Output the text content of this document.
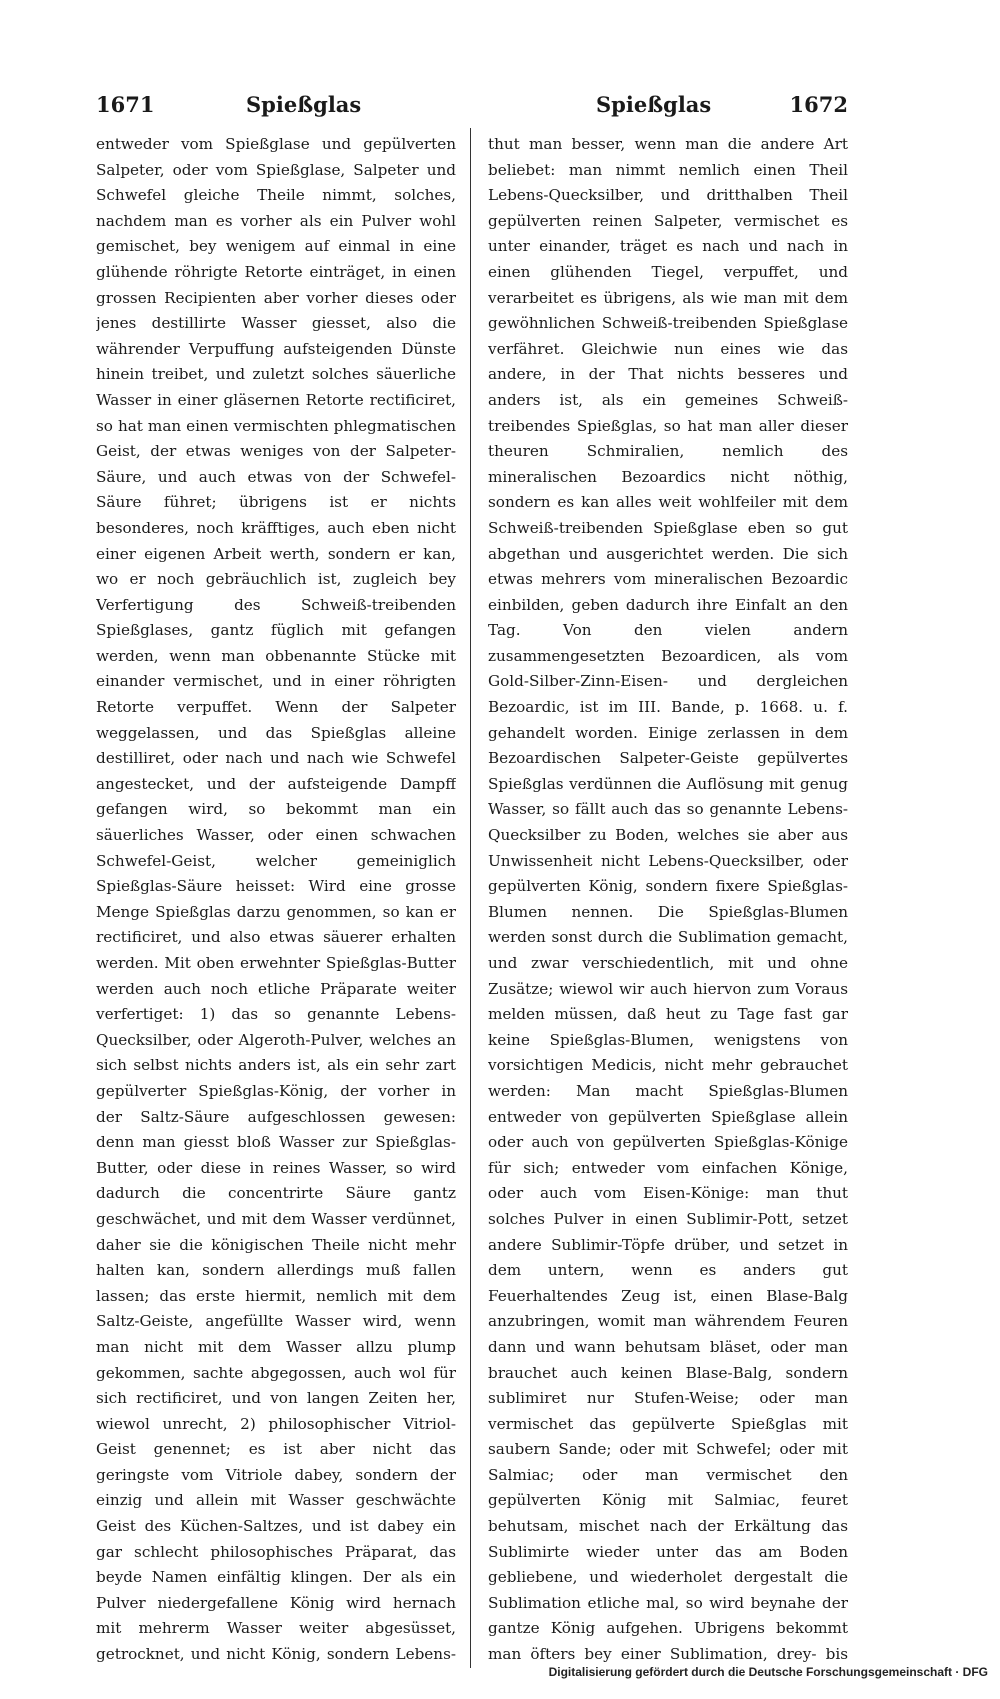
1671	Spießglas	Spießglas	1672
entweder vom Spießglase und gepülverten Salpeter, oder vom Spießglase, Salpeter und Schwefel gleiche Theile nimmt, solches, nachdem man es vorher als ein Pulver wohl gemischet, bey wenigem auf einmal in eine glühende röhrigte Retorte einträget, in einen grossen Recipienten aber vorher dieses oder jenes destillirte Wasser giesset, also die währender Verpuffung aufsteigenden Dünste hinein treibet, und zuletzt solches säuerliche Wasser in einer gläsernen Retorte rectificiret, so hat man einen vermischten phlegmatischen Geist, der etwas weniges von der Salpeter-Säure, und auch etwas von der Schwefel-Säure führet; übrigens ist er nichts besonderes, noch kräfftiges, auch eben nicht einer eigenen Arbeit werth, sondern er kan, wo er noch gebräuchlich ist, zugleich bey Verfertigung des Schweiß-treibenden Spießglases, gantz füglich mit gefangen werden, wenn man obbenannte Stücke mit einander vermischet, und in einer röhrigten Retorte verpuffet. Wenn der Salpeter weggelassen, und das Spießglas alleine destilliret, oder nach und nach wie Schwefel angestecket, und der aufsteigende Dampff gefangen wird, so bekommt man ein säuerliches Wasser, oder einen schwachen Schwefel-Geist, welcher gemeiniglich Spießglas-Säure heisset: Wird eine grosse Menge Spießglas darzu genommen, so kan er rectificiret, und also etwas säuerer erhalten werden. Mit oben erwehnter Spießglas-Butter werden auch noch etliche Präparate weiter verfertiget: 1) das so genannte Lebens-Quecksilber, oder Algeroth-Pulver, welches an sich selbst nichts anders ist, als ein sehr zart gepülverter Spießglas-König, der vorher in der Saltz-Säure aufgeschlossen gewesen: denn man giesst bloß Wasser zur Spießglas-Butter, oder diese in reines Wasser, so wird dadurch die concentrirte Säure gantz geschwächet, und mit dem Wasser verdünnet, daher sie die königischen Theile nicht mehr halten kan, sondern allerdings muß fallen lassen; das erste hiermit, nemlich mit dem Saltz-Geiste, angefüllte Wasser wird, wenn man nicht mit dem Wasser allzu plump gekommen, sachte abgegossen, auch wol für sich rectificiret, und von langen Zeiten her, wiewol unrecht, 2) philosophischer Vitriol-Geist genennet; es ist aber nicht das geringste vom Vitriole dabey, sondern der einzig und allein mit Wasser geschwächte Geist des Küchen-Saltzes, und ist dabey ein gar schlecht philosophisches Präparat, das beyde Namen einfältig klingen. Der als ein Pulver niedergefallene König wird hernach mit mehrerm Wasser weiter abgesüsset, getrocknet, und nicht König, sondern Lebens-
thut man besser, wenn man die andere Art beliebet: man nimmt nemlich einen Theil Lebens-Quecksilber, und dritthalben Theil gepülverten reinen Salpeter, vermischet es unter einander, träget es nach und nach in einen glühenden Tiegel, verpuffet, und verarbeitet es übrigens, als wie man mit dem gewöhnlichen Schweiß-treibenden Spießglase verfähret. Gleichwie nun eines wie das andere, in der That nichts besseres und anders ist, als ein gemeines Schweiß-treibendes Spießglas, so hat man aller dieser theuren Schmiralien, nemlich des mineralischen Bezoardics nicht nöthig, sondern es kan alles weit wohlfeiler mit dem Schweiß-treibenden Spießglase eben so gut abgethan und ausgerichtet werden. Die sich etwas mehrers vom mineralischen Bezoardic einbilden, geben dadurch ihre Einfalt an den Tag. Von den vielen andern zusammengesetzten Bezoardicen, als vom Gold-Silber-Zinn-Eisen- und dergleichen Bezoardic, ist im III. Bande, p. 1668. u. f. gehandelt worden. Einige zerlassen in dem Bezoardischen Salpeter-Geiste gepülvertes Spießglas verdünnen die Auflösung mit genug Wasser, so fällt auch das so genannte Lebens-Quecksilber zu Boden, welches sie aber aus Unwissenheit nicht Lebens-Quecksilber, oder gepülverten König, sondern fixere Spießglas-Blumen nennen. Die Spießglas-Blumen werden sonst durch die Sublimation gemacht, und zwar verschiedentlich, mit und ohne Zusätze; wiewol wir auch hiervon zum Voraus melden müssen, daß heut zu Tage fast gar keine Spießglas-Blumen, wenigstens von vorsichtigen Medicis, nicht mehr gebrauchet werden: Man macht Spießglas-Blumen entweder von gepülverten Spießglase allein oder auch von gepülverten Spießglas-Könige für sich; entweder vom einfachen Könige, oder auch vom Eisen-Könige: man thut solches Pulver in einen Sublimir-Pott, setzet andere Sublimir-Töpfe drüber, und setzet in dem untern, wenn es anders gut Feuerhaltendes Zeug ist, einen Blase-Balg anzubringen, womit man währendem Feuren dann und wann behutsam bläset, oder man brauchet auch keinen Blase-Balg, sondern sublimiret nur Stufen-Weise; oder man vermischet das gepülverte Spießglas mit saubern Sande; oder mit Schwefel; oder mit Salmiac; oder man vermischet den gepülverten König mit Salmiac, feuret behutsam, mischet nach der Erkältung das Sublimirte wieder unter das am Boden gebliebene, und wiederholet dergestalt die Sublimation etliche mal, so wird beynahe der gantze König aufgehen. Ubrigens bekommt man öfters bey einer Sublimation, drey- bis
Digitalisierung gefördert durch die Deutsche Forschungsgemeinschaft · DFG
